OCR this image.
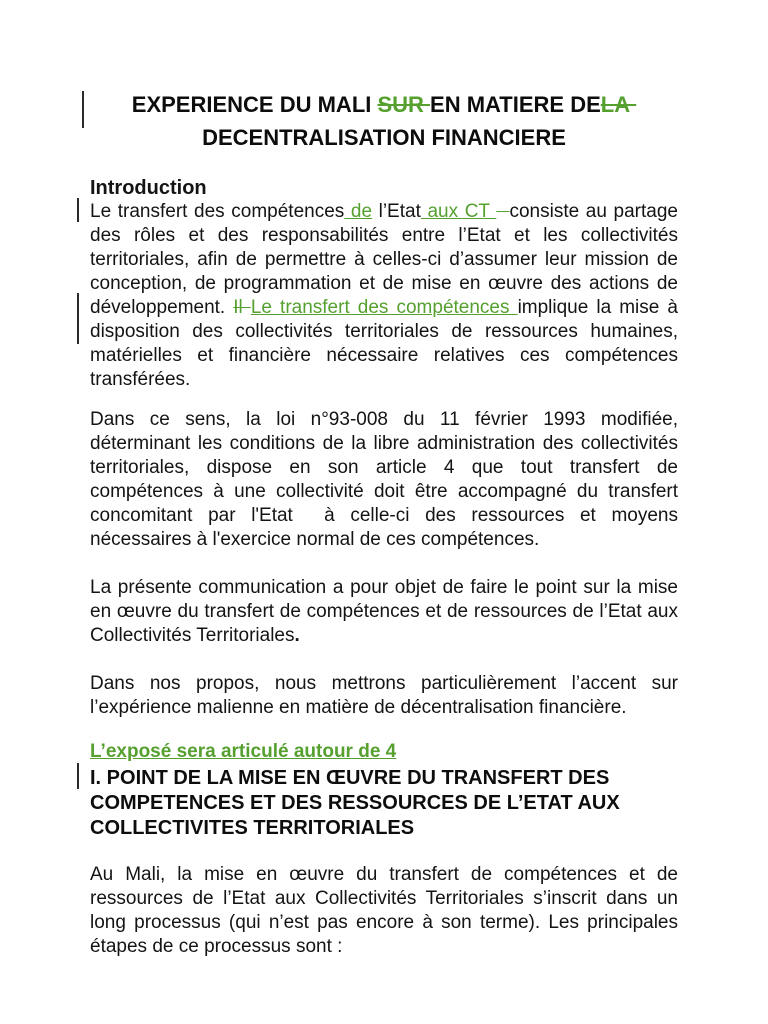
EXPERIENCE DU MALI SUR EN MATIERE DELA
DECENTRALISATION FINANCIERE
Introduction

Le transfert des compétences de l’Etat aux CT   consiste au partage des rôles et des responsabilités entre l’Etat et les collectivités territoriales, afin de permettre à celles-ci d’assumer leur mission de conception, de programmation et de mise en œuvre des actions de développement. Il Le transfert des compétences implique la mise à disposition des collectivités territoriales de ressources humaines, matérielles et financière nécessaire relatives ces compétences transférées.

Dans ce sens, la loi n°93-008 du 11 février 1993 modifiée, déterminant les conditions de la libre administration des collectivités territoriales, dispose en son article 4 que tout transfert de compétences à une collectivité doit être accompagné du transfert concomitant par l'Etat  à celle-ci des ressources et moyens nécessaires à l'exercice normal de ces compétences.

La présente communication a pour objet de faire le point sur la mise en œuvre du transfert de compétences et de ressources de l’Etat aux Collectivités Territoriales.

Dans nos propos, nous mettrons particulièrement l’accent sur l’expérience malienne en matière de décentralisation financière.

L’exposé sera articulé autour de 4
I. POINT DE LA MISE EN ŒUVRE DU TRANSFERT DES COMPETENCES ET DES RESSOURCES DE L’ETAT AUX COLLECTIVITES TERRITORIALES

Au Mali, la mise en œuvre du transfert de compétences et de ressources de l’Etat aux Collectivités Territoriales s’inscrit dans un long processus (qui n’est pas encore à son terme). Les principales étapes de ce processus sont :
